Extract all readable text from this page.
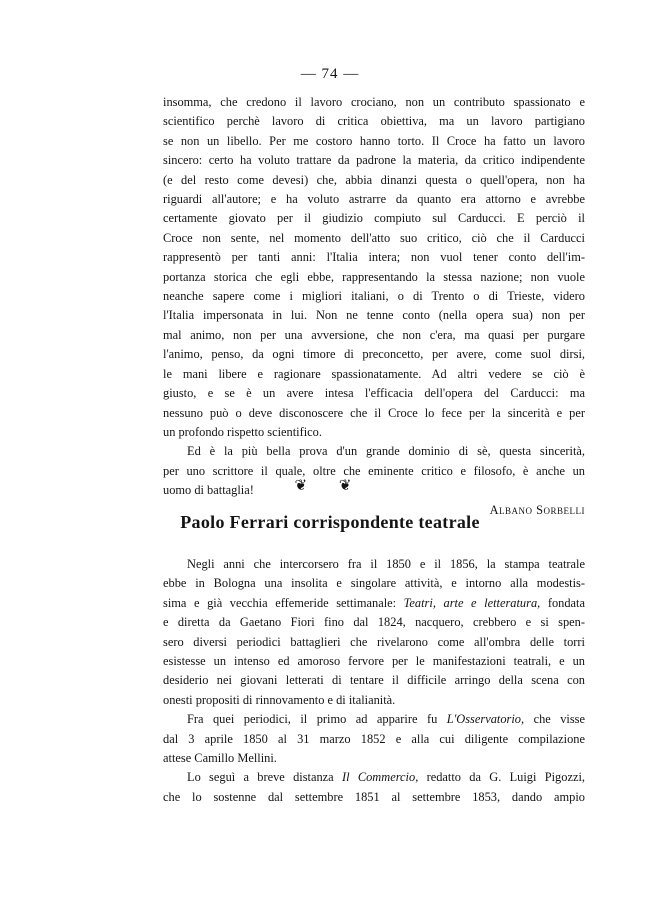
— 74 —

insomma, che credono il lavoro crociano, non un contributo spassionato e

scientifico perchè lavoro di critica obiettiva, ma un lavoro partigiano

se non un libello. Per me costoro hanno torto. Il Croce ha fatto un lavoro

sincero: certo ha voluto trattare da padrone la materia, da critico indipendente

(e del resto come devesi) che, abbia dinanzi questa o quell'opera, non ha

riguardi all'autore; e ha voluto astrarre da quanto era attorno e avrebbe

certamente giovato per il giudizio compiuto sul Carducci. E perciò il

Croce non sente, nel momento dell'atto suo critico, ciò che il Carducci

rappresentò per tanti anni: l'Italia intera; non vuol tener conto dell'im-

portanza storica che egli ebbe, rappresentando la stessa nazione; non vuole

neanche sapere come i migliori italiani, o di Trento o di Trieste, videro

l'Italia impersonata in lui. Non ne tenne conto (nella opera sua) non per

mal animo, non per una avversione, che non c'era, ma quasi per purgare

l'animo, penso, da ogni timore di preconcetto, per avere, come suol dirsi,

le mani libere e ragionare spassionatamente. Ad altri vedere se ciò è

giusto, e se è un avere intesa l'efficacia dell'opera del Carducci: ma

nessuno può o deve disconoscere che il Croce lo fece per la sincerità e per

un profondo rispetto scientifico.

Ed è la più bella prova d'un grande dominio di sè, questa sincerità,

per uno scrittore il quale, oltre che eminente critico e filosofo, è anche un

uomo di battaglia!

Albano Sorbelli

❦ ❦
Paolo Ferrari corrispondente teatrale

Negli anni che intercorsero fra il 1850 e il 1856, la stampa teatrale

ebbe in Bologna una insolita e singolare attività, e intorno alla modestis-

sima e già vecchia effemeride settimanale: Teatri, arte e letteratura, fondata

e diretta da Gaetano Fiori fino dal 1824, nacquero, crebbero e si spen-

sero diversi periodici battaglieri che rivelarono come all'ombra delle torri

esistesse un intenso ed amoroso fervore per le manifestazioni teatrali, e un

desiderio nei giovani letterati di tentare il difficile arringo della scena con

onesti propositi di rinnovamento e di italianità.

Fra quei periodici, il primo ad apparire fu L'Osservatorio, che visse

dal 3 aprile 1850 al 31 marzo 1852 e alla cui diligente compilazione

attese Camillo Mellini.

Lo seguì a breve distanza Il Commercio, redatto da G. Luigi Pigozzi,

che lo sostenne dal settembre 1851 al settembre 1853, dando ampio
